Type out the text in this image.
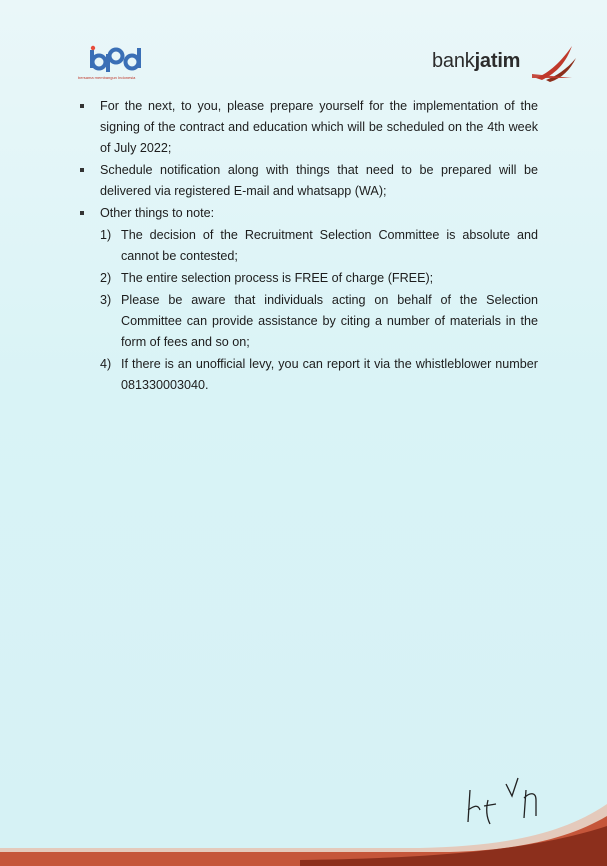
bersama membangun Indonesia
bankjatim
For the next, to you, please prepare yourself for the implementation of the signing of the contract and education which will be scheduled on the 4th week of July 2022;
Schedule notification along with things that need to be prepared will be delivered via registered E-mail and whatsapp (WA);
Other things to note:
1) The decision of the Recruitment Selection Committee is absolute and cannot be contested;
2) The entire selection process is FREE of charge (FREE);
3) Please be aware that individuals acting on behalf of the Selection Committee can provide assistance by citing a number of materials in the form of fees and so on;
4) If there is an unofficial levy, you can report it via the whistleblower number 081330003040.
